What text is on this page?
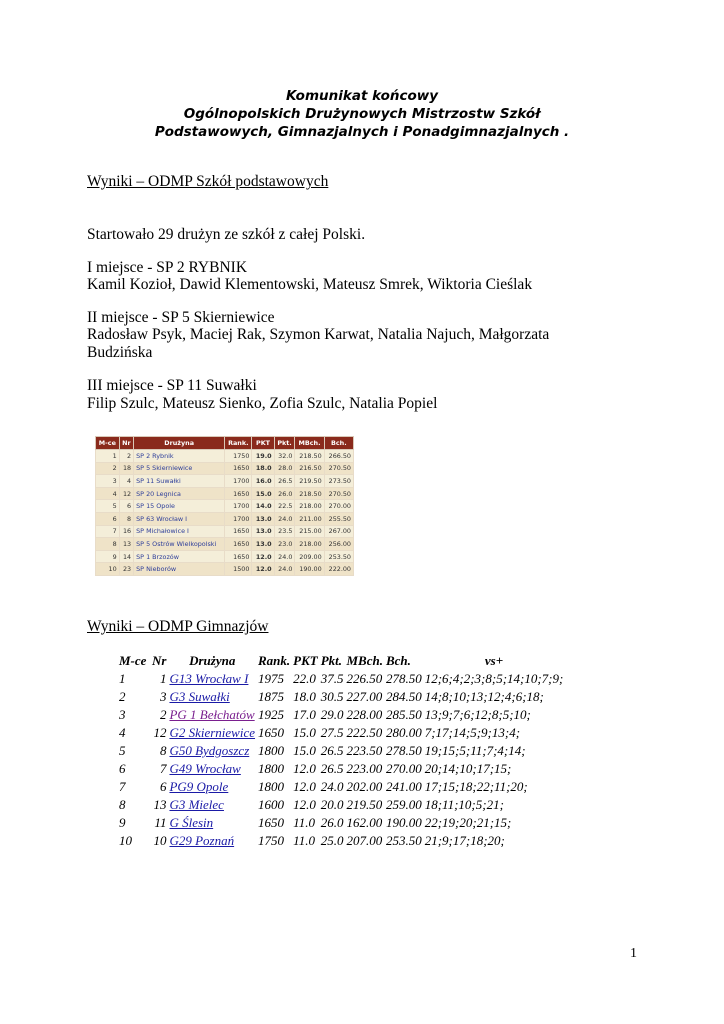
Komunikat końcowy
Ogólnopolskich Drużynowych Mistrzostw Szkół
Podstawowych, Gimnazjalnych i Ponadgimnazjalnych .
Wyniki – ODMP Szkół podstawowych
Startowało 29 drużyn ze szkół z całej Polski.
I miejsce - SP 2 RYBNIK
Kamil Kozioł, Dawid Klementowski, Mateusz Smrek, Wiktoria Cieślak
II miejsce - SP 5 Skierniewice
Radosław Psyk, Maciej Rak, Szymon Karwat, Natalia Najuch, Małgorzata
Budzińska
III miejsce - SP 11 Suwałki
Filip Szulc, Mateusz Sienko, Zofia Szulc, Natalia Popiel
M-ce	Nr	Drużyna	Rank.	PKT	Pkt.	MBch.	Bch.
1	2	SP 2 Rybnik	1750	19.0	32.0	218.50	266.50
2	18	SP 5 Skierniewice	1650	18.0	28.0	216.50	270.50
3	4	SP 11 Suwałki	1700	16.0	26.5	219.50	273.50
4	12	SP 20 Legnica	1650	15.0	26.0	218.50	270.50
5	6	SP 15 Opole	1700	14.0	22.5	218.00	270.00
6	8	SP 63 Wrocław I	1700	13.0	24.0	211.00	255.50
7	16	SP Michałowice I	1650	13.0	23.5	215.00	267.00
8	13	SP 5 Ostrów Wielkopolski	1650	13.0	23.0	218.00	256.00
9	14	SP 1 Brzozów	1650	12.0	24.0	209.00	253.50
10	23	SP Nieborów	1500	12.0	24.0	190.00	222.00
Wyniki – ODMP Gimnazjów
M-ce	Nr	Drużyna	Rank.	PKT	Pkt.	MBch.	Bch.	vs+
1	1	G13 Wrocław I	1975	22.0	37.5	226.50	278.50	12;6;4;2;3;8;5;14;10;7;9;
2	3	G3 Suwałki	1875	18.0	30.5	227.00	284.50	14;8;10;13;12;4;6;18;
3	2	PG 1 Bełchatów	1925	17.0	29.0	228.00	285.50	13;9;7;6;12;8;5;10;
4	12	G2 Skierniewice	1650	15.0	27.5	222.50	280.00	7;17;14;5;9;13;4;
5	8	G50 Bydgoszcz	1800	15.0	26.5	223.50	278.50	19;15;5;11;7;4;14;
6	7	G49 Wrocław	1800	12.0	26.5	223.00	270.00	20;14;10;17;15;
7	6	PG9 Opole	1800	12.0	24.0	202.00	241.00	17;15;18;22;11;20;
8	13	G3 Mielec	1600	12.0	20.0	219.50	259.00	18;11;10;5;21;
9	11	G Ślesin	1650	11.0	26.0	162.00	190.00	22;19;20;21;15;
10	10	G29 Poznań	1750	11.0	25.0	207.00	253.50	21;9;17;18;20;
1
